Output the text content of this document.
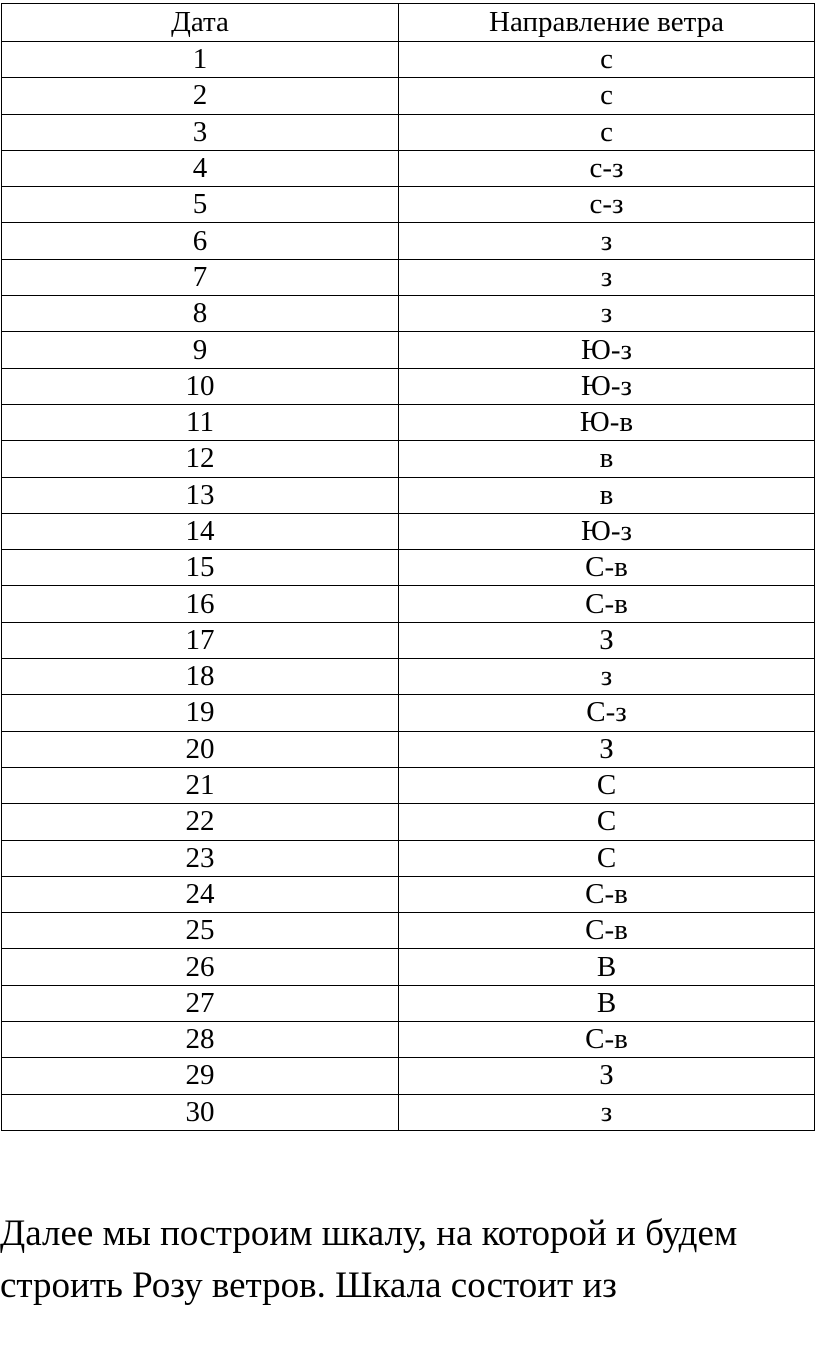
Дата	Направление ветра
1	с
2	с
3	с
4	с-з
5	с-з
6	з
7	з
8	з
9	Ю-з
10	Ю-з
11	Ю-в
12	в
13	в
14	Ю-з
15	С-в
16	С-в
17	З
18	з
19	С-з
20	З
21	С
22	С
23	С
24	С-в
25	С-в
26	В
27	В
28	С-в
29	З
30	з
Далее мы построим шкалу, на которой и будем
строить Розу ветров. Шкала состоит из
